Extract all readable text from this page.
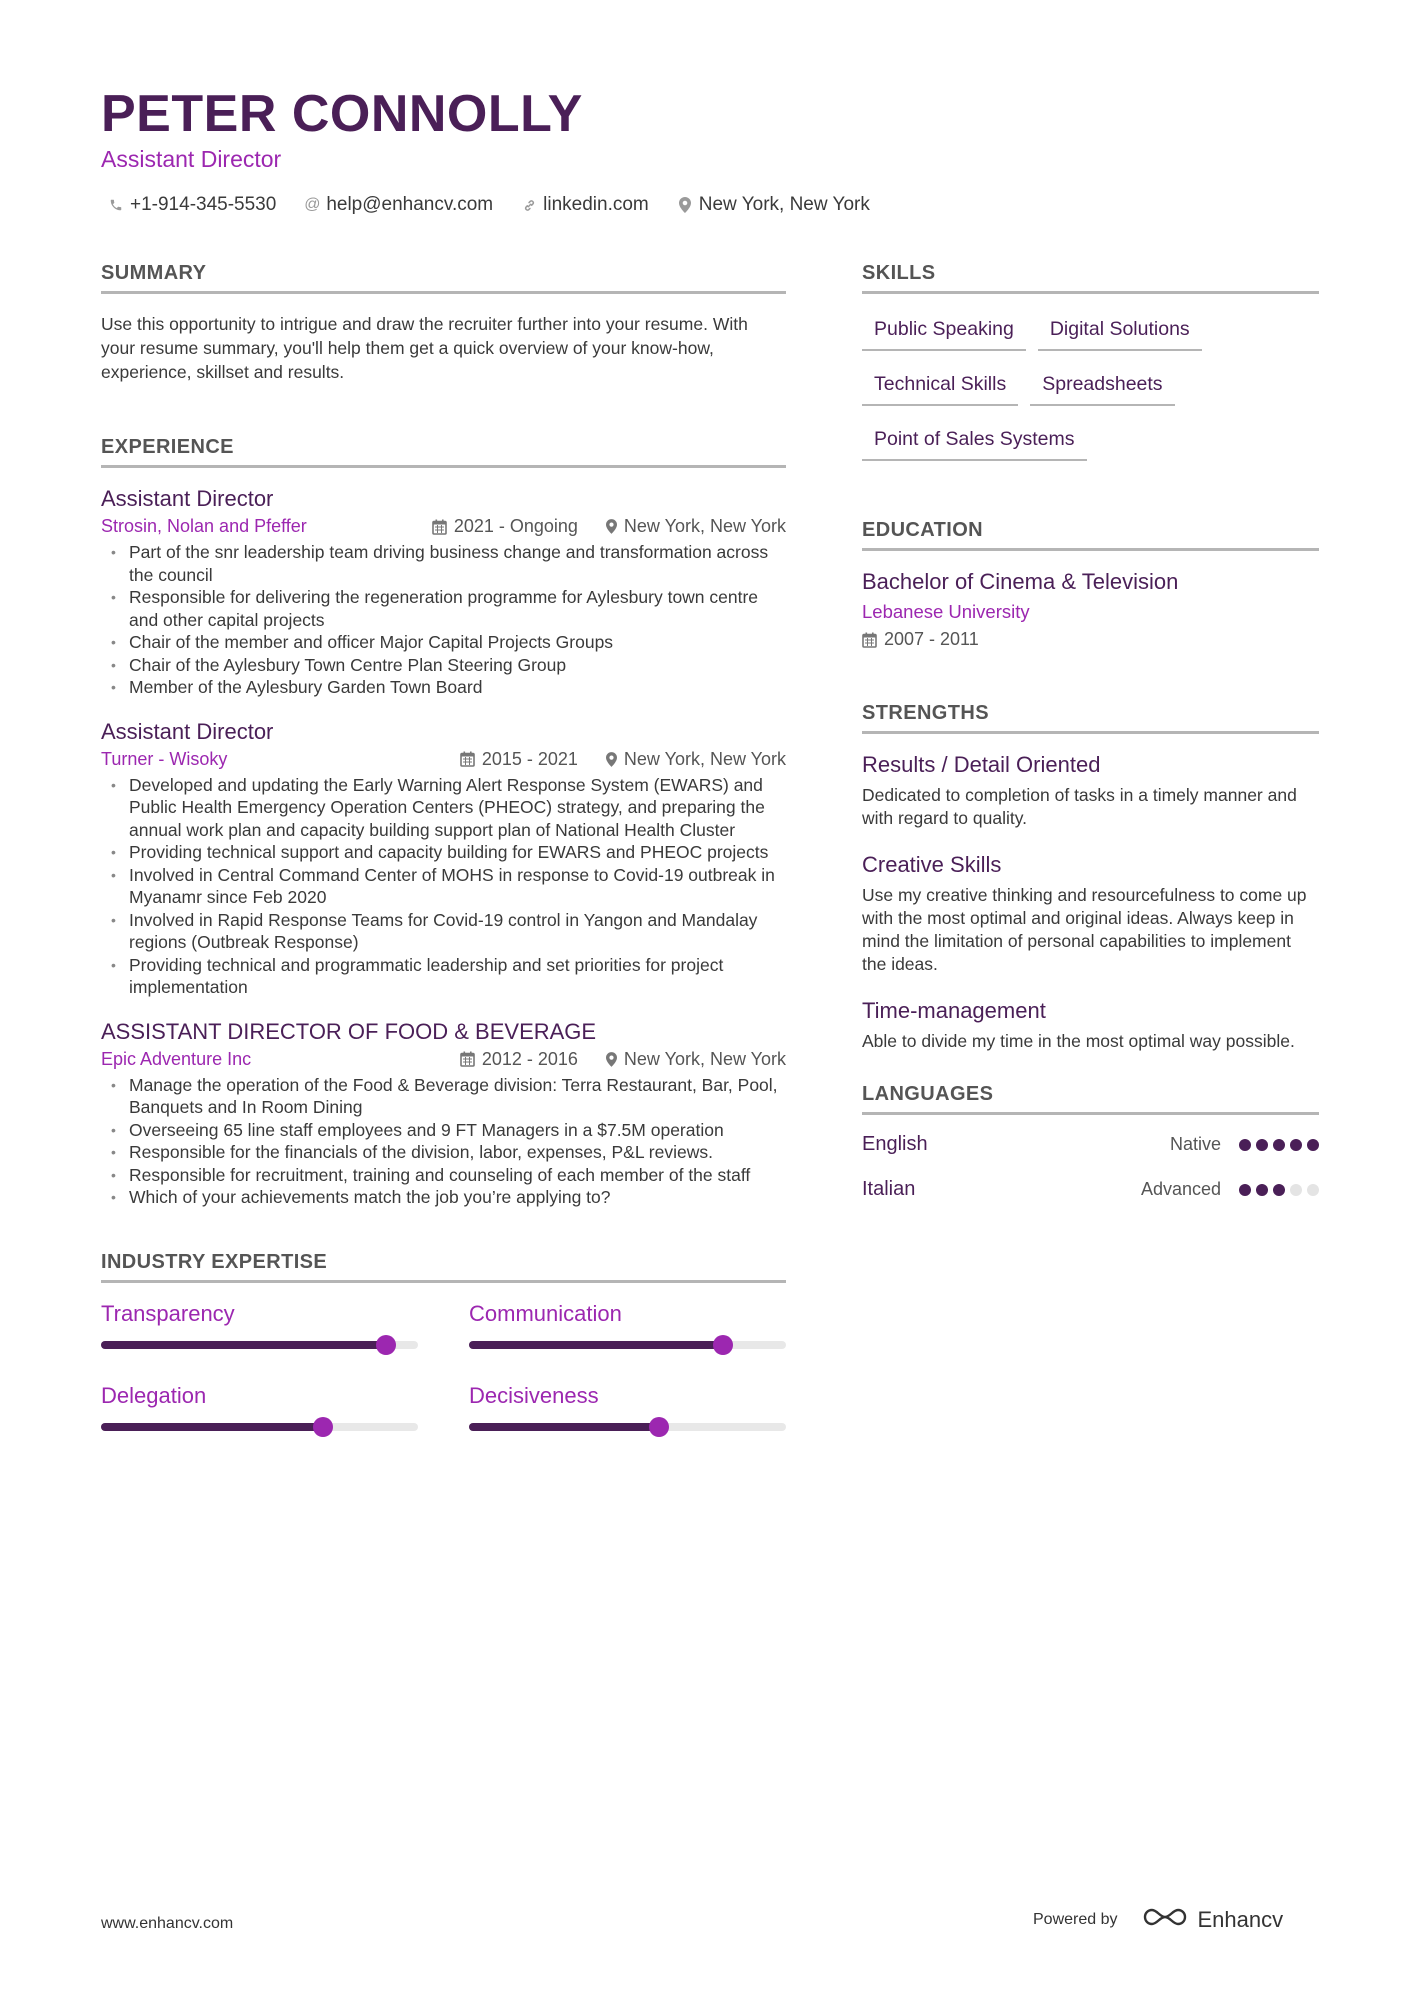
PETER CONNOLLY
Assistant Director
+1-914-345-5530 @ help@enhancv.com	linkedin.com	New York, New York
SUMMARY

Use this opportunity to intrigue and draw the recruiter further into your resume. With your resume summary, you'll help them get a quick overview of your know-how, experience, skillset and results.

EXPERIENCE
Assistant Director
Strosin, Nolan and Pfeffer	2021 - Ongoing	New York, New York
• Part of the snr leadership team driving business change and transformation across the council
• Responsible for delivering the regeneration programme for Aylesbury town centre and other capital projects
• Chair of the member and officer Major Capital Projects Groups
• Chair of the Aylesbury Town Centre Plan Steering Group
• Member of the Aylesbury Garden Town Board
Assistant Director
Turner - Wisoky	2015 - 2021	New York, New York
• Developed and updating the Early Warning Alert Response System (EWARS) and Public Health Emergency Operation Centers (PHEOC) strategy, and preparing the annual work plan and capacity building support plan of National Health Cluster
• Providing technical support and capacity building for EWARS and PHEOC projects
• Involved in Central Command Center of MOHS in response to Covid-19 outbreak in Myanamr since Feb 2020
• Involved in Rapid Response Teams for Covid-19 control in Yangon and Mandalay regions (Outbreak Response)
• Providing technical and programmatic leadership and set priorities for project implementation
ASSISTANT DIRECTOR OF FOOD & BEVERAGE
Epic Adventure Inc	2012 - 2016	New York, New York
• Manage the operation of the Food & Beverage division: Terra Restaurant, Bar, Pool, Banquets and In Room Dining
• Overseeing 65 line staff employees and 9 FT Managers in a $7.5M operation
• Responsible for the financials of the division, labor, expenses, P&L reviews.
• Responsible for recruitment, training and counseling of each member of the staff
• Which of your achievements match the job you’re applying to?
INDUSTRY EXPERTISE
Transparency	Communication
Delegation	Decisiveness
SKILLS
Public Speaking	Digital Solutions
Technical Skills	Spreadsheets
Point of Sales Systems
EDUCATION
Bachelor of Cinema & Television
Lebanese University
2007 - 2011
STRENGTHS
Results / Detail Oriented
Dedicated to completion of tasks in a timely manner and with regard to quality.
Creative Skills
Use my creative thinking and resourcefulness to come up with the most optimal and original ideas. Always keep in mind the limitation of personal capabilities to implement the ideas.
Time-management
Able to divide my time in the most optimal way possible.
LANGUAGES
English	Native
Italian	Advanced
www.enhancv.com	Powered by	Enhancv
